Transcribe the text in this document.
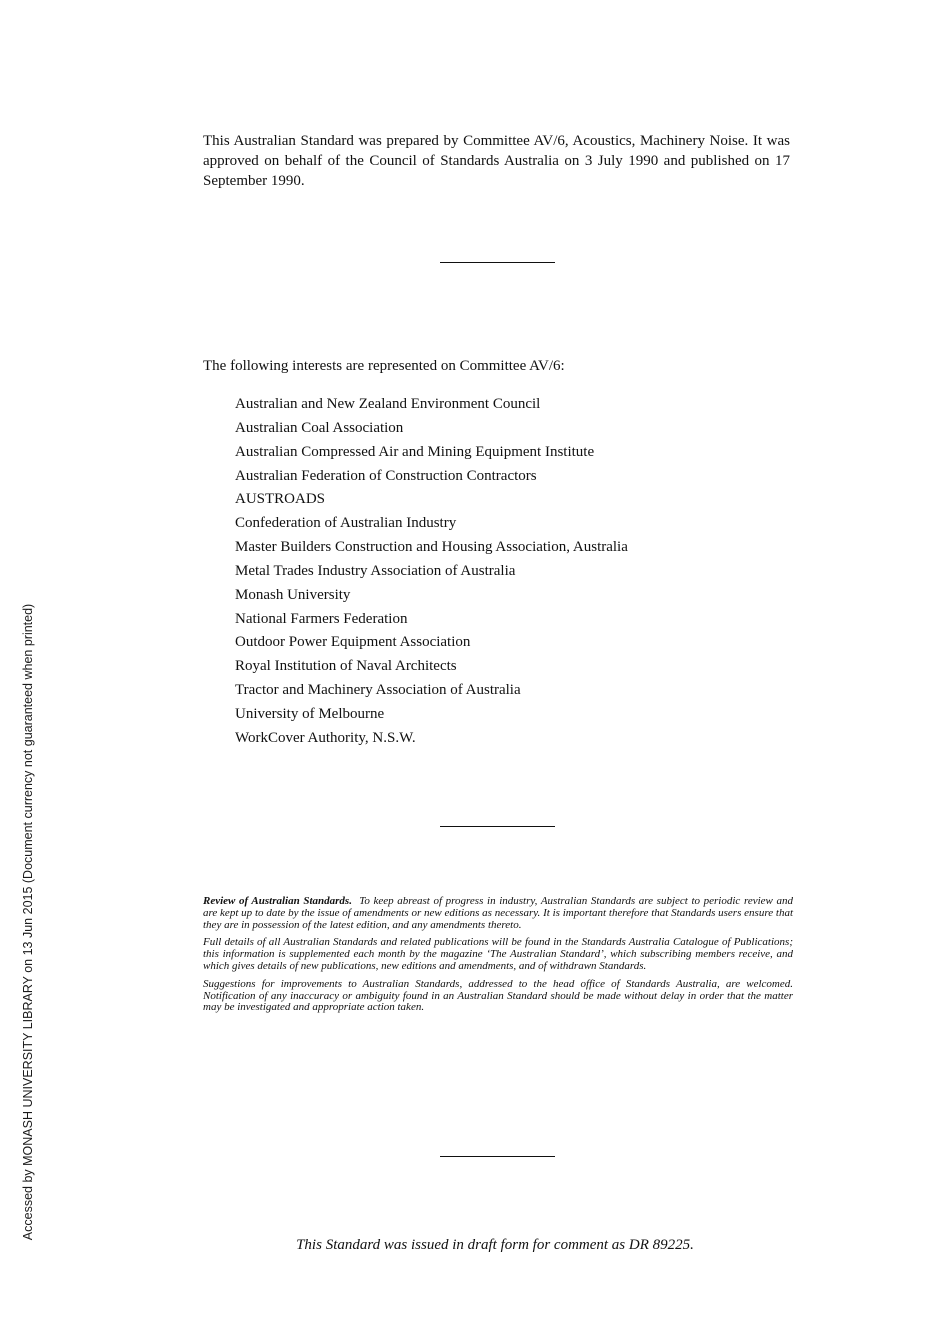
Accessed by MONASH UNIVERSITY LIBRARY on 13 Jun 2015 (Document currency not guaranteed when printed)

This Australian Standard was prepared by Committee AV/6, Acoustics, Machinery Noise. It was approved on behalf of the Council of Standards Australia on 3 July 1990 and published on 17 September 1990.

The following interests are represented on Committee AV/6:

Australian and New Zealand Environment Council
Australian Coal Association
Australian Compressed Air and Mining Equipment Institute
Australian Federation of Construction Contractors
AUSTROADS
Confederation of Australian Industry
Master Builders Construction and Housing Association, Australia
Metal Trades Industry Association of Australia
Monash University
National Farmers Federation
Outdoor Power Equipment Association
Royal Institution of Naval Architects
Tractor and Machinery Association of Australia
University of Melbourne
WorkCover Authority, N.S.W.

Review of Australian Standards. To keep abreast of progress in industry, Australian Standards are subject to periodic review and are kept up to date by the issue of amendments or new editions as necessary. It is important therefore that Standards users ensure that they are in possession of the latest edition, and any amendments thereto.

Full details of all Australian Standards and related publications will be found in the Standards Australia Catalogue of Publications; this information is supplemented each month by the magazine ‘The Australian Standard’, which subscribing members receive, and which gives details of new publications, new editions and amendments, and of withdrawn Standards.

Suggestions for improvements to Australian Standards, addressed to the head office of Standards Australia, are welcomed. Notification of any inaccuracy or ambiguity found in an Australian Standard should be made without delay in order that the matter may be investigated and appropriate action taken.

This Standard was issued in draft form for comment as DR 89225.
